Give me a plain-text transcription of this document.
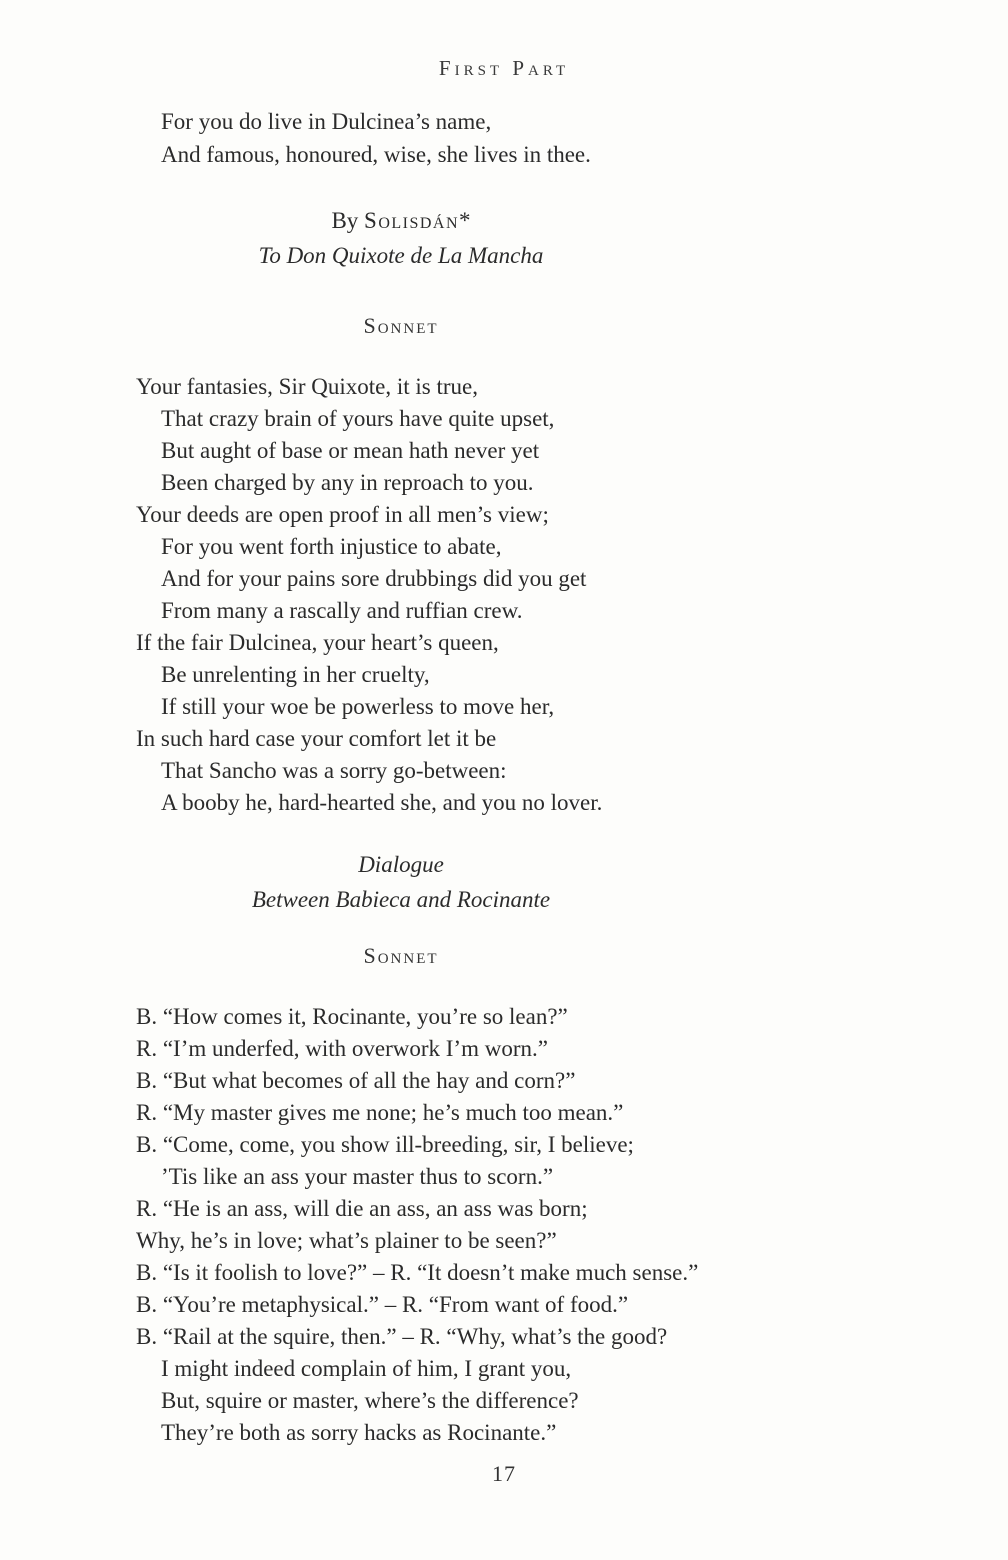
First Part
For you do live in Dulcinea’s name,
And famous, honoured, wise, she lives in thee.
By Solisdán*
To Don Quixote de La Mancha
Sonnet
Your fantasies, Sir Quixote, it is true,
That crazy brain of yours have quite upset,
But aught of base or mean hath never yet
Been charged by any in reproach to you.
Your deeds are open proof in all men’s view;
For you went forth injustice to abate,
And for your pains sore drubbings did you get
From many a rascally and ruffian crew.
If the fair Dulcinea, your heart’s queen,
Be unrelenting in her cruelty,
If still your woe be powerless to move her,
In such hard case your comfort let it be
That Sancho was a sorry go-between:
A booby he, hard-hearted she, and you no lover.
Dialogue
Between Babieca and Rocinante
Sonnet
B. “How comes it, Rocinante, you’re so lean?”
R. “I’m underfed, with overwork I’m worn.”
B. “But what becomes of all the hay and corn?”
R. “My master gives me none; he’s much too mean.”
B. “Come, come, you show ill-breeding, sir, I believe;
’Tis like an ass your master thus to scorn.”
R. “He is an ass, will die an ass, an ass was born;
Why, he’s in love; what’s plainer to be seen?”
B. “Is it foolish to love?” – R. “It doesn’t make much sense.”
B. “You’re metaphysical.” – R. “From want of food.”
B. “Rail at the squire, then.” – R. “Why, what’s the good?
I might indeed complain of him, I grant you,
But, squire or master, where’s the difference?
They’re both as sorry hacks as Rocinante.”
17
